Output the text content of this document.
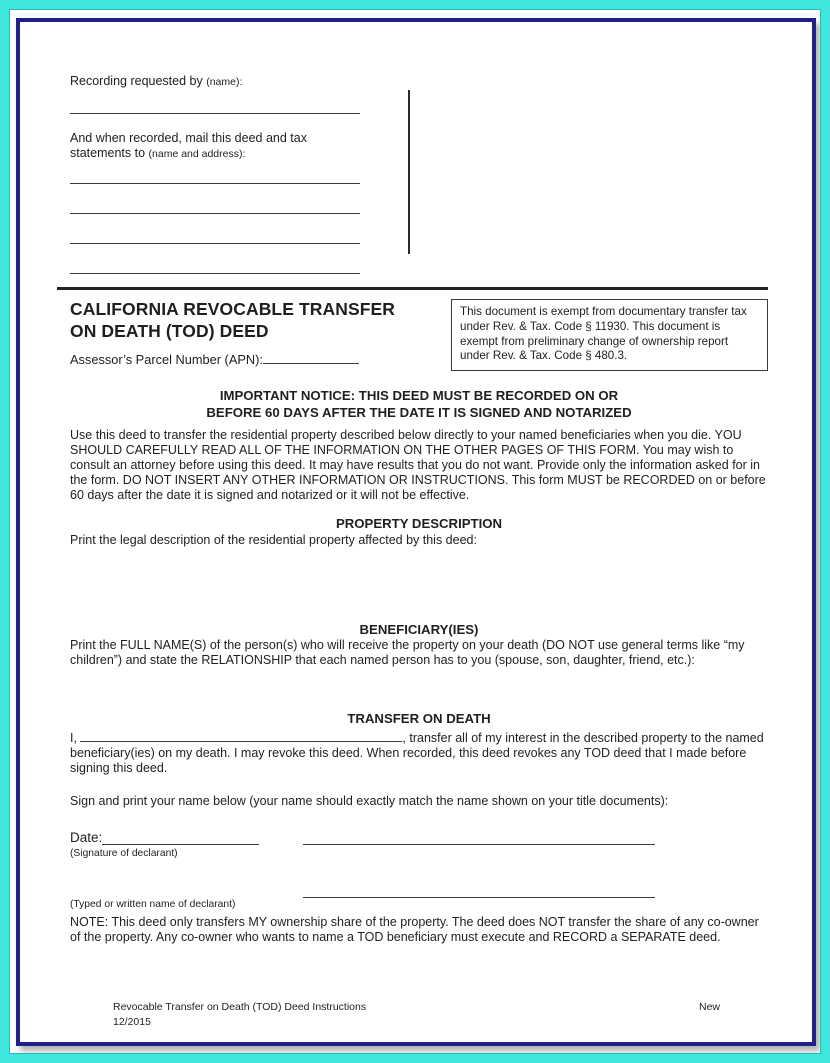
Recording requested by (name):

And when recorded, mail this deed and tax
statements to (name and address):

CALIFORNIA REVOCABLE TRANSFER
ON DEATH (TOD) DEED

Assessor’s Parcel Number (APN):

This document is exempt from documentary transfer tax under Rev. & Tax. Code § 11930. This document is exempt from preliminary change of ownership report under Rev. & Tax. Code § 480.3.
IMPORTANT NOTICE: THIS DEED MUST BE RECORDED ON OR
BEFORE 60 DAYS AFTER THE DATE IT IS SIGNED AND NOTARIZED

Use this deed to transfer the residential property described below directly to your named beneficiaries when you die. YOU SHOULD CAREFULLY READ ALL OF THE INFORMATION ON THE OTHER PAGES OF THIS FORM. You may wish to consult an attorney before using this deed. It may have results that you do not want. Provide only the information asked for in the form. DO NOT INSERT ANY OTHER INFORMATION OR INSTRUCTIONS. This form MUST be RECORDED on or before 60 days after the date it is signed and notarized or it will not be effective.

PROPERTY DESCRIPTION

Print the legal description of the residential property affected by this deed:

BENEFICIARY(IES)

Print the FULL NAME(S) of the person(s) who will receive the property on your death (DO NOT use general terms like “my children”) and state the RELATIONSHIP that each named person has to you (spouse, son, daughter, friend, etc.):

TRANSFER ON DEATH

I,	, transfer all of my interest in the described property to the named beneficiary(ies) on my death. I may revoke this deed. When recorded, this deed revokes any TOD deed that I made before signing this deed.

Sign and print your name below (your name should exactly match the name shown on your title documents):

Date:

(Signature of declarant)

(Typed or written name of declarant)

NOTE: This deed only transfers MY ownership share of the property. The deed does NOT transfer the share of any co-owner of the property. Any co-owner who wants to name a TOD beneficiary must execute and RECORD a SEPARATE deed.

Revocable Transfer on Death (TOD) Deed Instructions
12/2015
New
